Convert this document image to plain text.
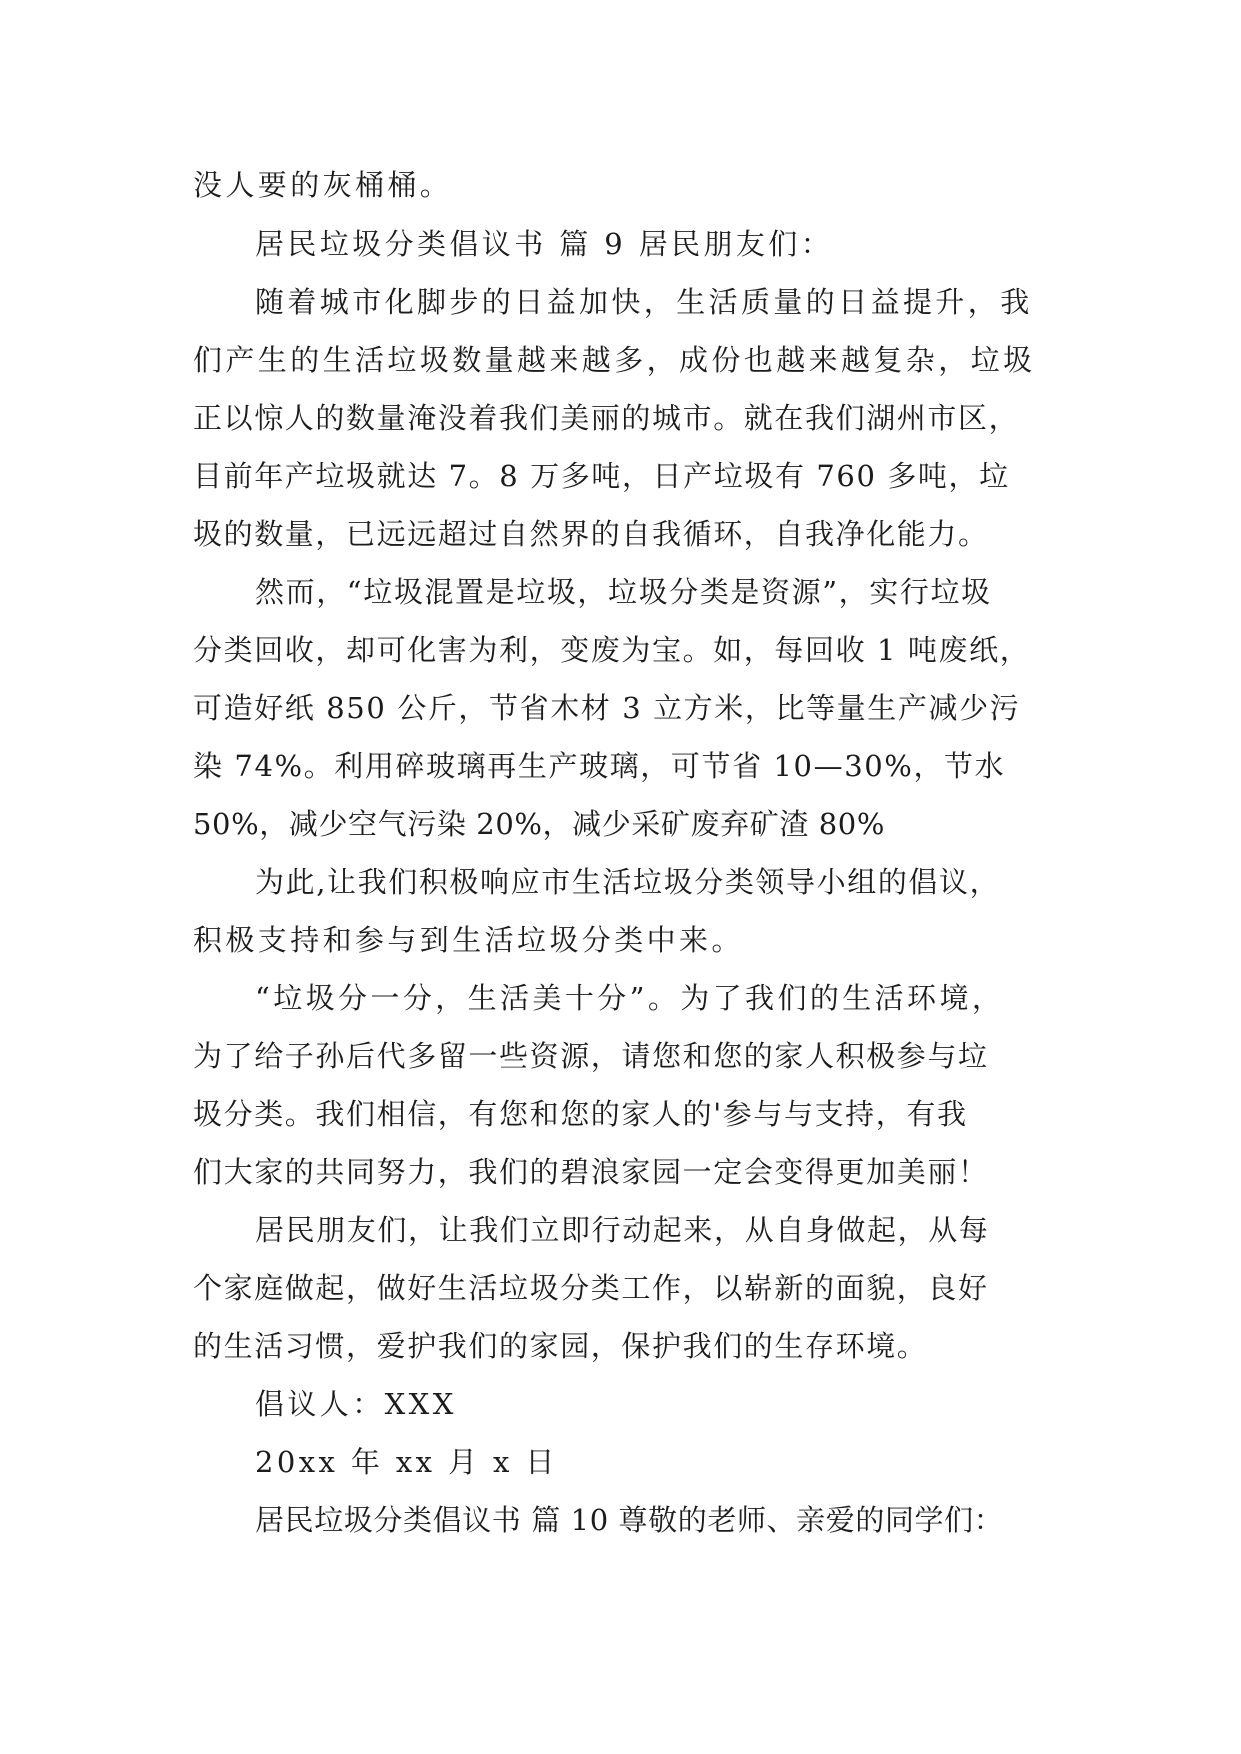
没人要的灰桶桶。
居民垃圾分类倡议书 篇 9 居民朋友们：
随着城市化脚步的日益加快，生活质量的日益提升，我
们产生的生活垃圾数量越来越多，成份也越来越复杂，垃圾
正以惊人的数量淹没着我们美丽的城市。就在我们湖州市区，
目前年产垃圾就达 7。8 万多吨，日产垃圾有 760 多吨，垃
圾的数量，已远远超过自然界的自我循环，自我净化能力。
然而，“垃圾混置是垃圾，垃圾分类是资源”，实行垃圾
分类回收，却可化害为利，变废为宝。如，每回收 1 吨废纸，
可造好纸 850 公斤，节省木材 3 立方米，比等量生产减少污
染 74%。利用碎玻璃再生产玻璃，可节省 10—30%，节水
50%，减少空气污染 20%，减少采矿废弃矿渣 80%
为此,让我们积极响应市生活垃圾分类领导小组的倡议，
积极支持和参与到生活垃圾分类中来。
“垃圾分一分，生活美十分”。为了我们的生活环境，
为了给子孙后代多留一些资源，请您和您的家人积极参与垃
圾分类。我们相信，有您和您的家人的'参与与支持，有我
们大家的共同努力，我们的碧浪家园一定会变得更加美丽！
居民朋友们，让我们立即行动起来，从自身做起，从每
个家庭做起，做好生活垃圾分类工作，以崭新的面貌，良好
的生活习惯，爱护我们的家园，保护我们的生存环境。
倡议人：XXX
20xx 年 xx 月 x 日
居民垃圾分类倡议书 篇 10 尊敬的老师、亲爱的同学们：
